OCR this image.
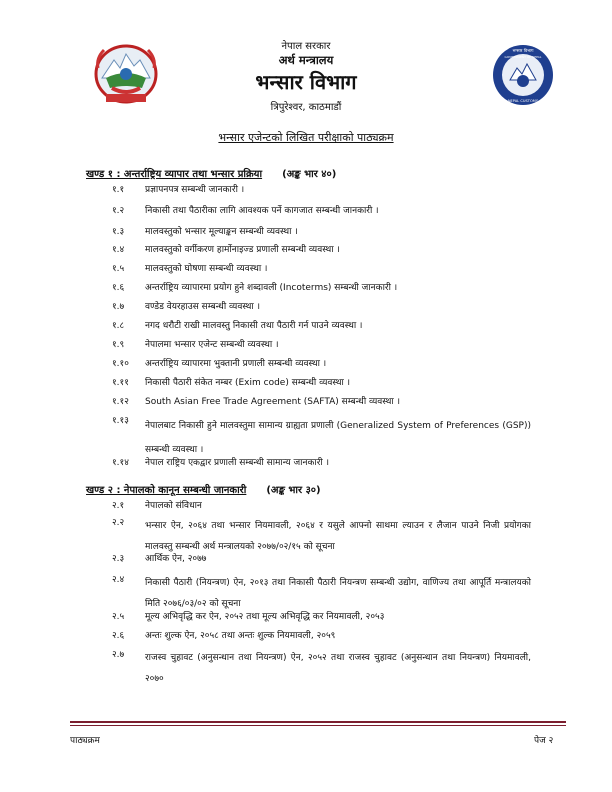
भन्सार विभाग
NEPAL CUSTOMS
GOVERNMENT OF NEPAL
नेपाल सरकार
अर्थ मन्त्रालय
भन्सार विभाग
त्रिपुरेश्वर, काठमाडौं
भन्सार एजेन्टको लिखित परीक्षाको पाठ्यक्रम
खण्ड १ : अन्तर्राष्ट्रिय व्यापार तथा भन्सार प्रक्रिया (अङ्क भार ४०)
१.१ प्रज्ञापनपत्र सम्बन्धी जानकारी ।
१.२ निकासी तथा पैठारीका लागि आवश्यक पर्ने कागजात सम्बन्धी जानकारी ।
१.३ मालवस्तुको भन्सार मूल्याङ्कन सम्बन्धी व्यवस्था ।
१.४ मालवस्तुको वर्गीकरण हार्मोनाइज्ड प्रणाली सम्बन्धी व्यवस्था ।
१.५ मालवस्तुको घोषणा सम्बन्धी व्यवस्था ।
१.६ अन्तर्राष्ट्रिय व्यापारमा प्रयोग हुने शब्दावली (Incoterms) सम्बन्धी जानकारी ।
१.७ वण्डेड वेयरहाउस सम्बन्धी व्यवस्था ।
१.८ नगद धरौटी राखी मालवस्तु निकासी तथा पैठारी गर्न पाउने व्यवस्था ।
१.९ नेपालमा भन्सार एजेन्ट सम्बन्धी व्यवस्था ।
१.१० अन्तर्राष्ट्रिय व्यापारमा भुक्तानी प्रणाली सम्बन्धी व्यवस्था ।
१.११ निकासी पैठारी संकेत नम्बर (Exim code) सम्बन्धी व्यवस्था ।
१.१२ South Asian Free Trade Agreement (SAFTA) सम्बन्धी व्यवस्था ।
१.१३ नेपालबाट निकासी हुने मालवस्तुमा सामान्य ग्राह्यता प्रणाली (Generalized System of Preferences (GSP)) सम्बन्धी व्यवस्था ।
१.१४ नेपाल राष्ट्रिय एकद्वार प्रणाली सम्बन्धी सामान्य जानकारी ।
खण्ड २ : नेपालको कानून सम्बन्धी जानकारी (अङ्क भार ३०)
२.१ नेपालको संविधान
२.२ भन्सार ऐन, २०६४ तथा भन्सार नियमावली, २०६४ र यसुले आफ्नो साथमा ल्याउन र लैजान पाउने निजी प्रयोगका मालवस्तु सम्बन्धी अर्थ मन्त्रालयको २०७७/०२/१५ को सूचना
२.३ आर्थिक ऐन, २०७७
२.४ निकासी पैठारी (नियन्त्रण) ऐन, २०१३ तथा निकासी पैठारी नियन्त्रण सम्बन्धी उद्योग, वाणिज्य तथा आपूर्ति मन्त्रालयको मिति २०७६/०३/०२ को सूचना
२.५ मूल्य अभिवृद्धि कर ऐन, २०५२ तथा मूल्य अभिवृद्धि कर नियमावली, २०५३
२.६ अन्तः शुल्क ऐन, २०५८ तथा अन्तः शुल्क नियमावली, २०५९
२.७ राजस्व चुहावट (अनुसन्धान तथा नियन्त्रण) ऐन, २०५२ तथा राजस्व चुहावट (अनुसन्धान तथा नियन्त्रण) नियमावली, २०७०
पाठ्यक्रम	पेज २
